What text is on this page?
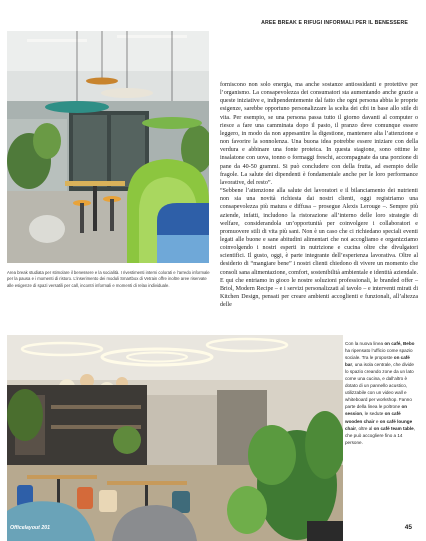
AREE BREAK E RIFUGI INFORMALI PER IL BENESSERE
Area break studiata per stimolare il benessere e la socialità. I rivestimenti interni colorati e l’arredo informale per la pausa e i momenti di ristoro. L’inserimento dei moduli Smartbox di Vetrain offre inoltre aree riservate alle esigenze di spazi versatili per call, incontri informali e momenti di relax individuale.

forniscono non solo energia, ma anche sostanze antiossidanti e protettive per l’organismo. La consapevolezza dei consumatori sta aumentando anche grazie a queste iniziative e, indipendentemente dal fatto che ogni persona abbia le proprie esigenze, sarebbe opportuno personalizzare la scelta dei cibi in base allo stile di vita. Per esempio, se una persona passa tutto il giorno davanti al computer o riesce a fare una camminata dopo il pasto, il pranzo deve comunque essere leggero, in modo da non appesantire la digestione, mantenere alta l’attenzione e non favorire la sonnolenza. Una buona idea potrebbe essere iniziare con della verdura e abbinare una fonte proteica. In questa stagione, sono ottime le insalatone con uova, tonno o formaggi freschi, accompagnate da una porzione di pane da 40-50 grammi. Si può concludere con della frutta, ad esempio delle fragole. La salute dei dipendenti è fondamentale anche per le loro performance lavorative, del resto”.

“Sebbene l’attenzione alla salute dei lavoratori e il bilanciamento dei nutrienti non sia una novità richiesta dai nostri clienti, oggi registriamo una consapevolezza più matura e diffusa – prosegue Alexis Lerouge –. Sempre più aziende, infatti, includono la ristorazione all’interno delle loro strategie di welfare, considerandola un’opportunità per coinvolgere i collaboratori e promuovere stili di vita più sani. Non è un caso che ci richiedano speciali eventi legati alle buone e sane abitudini alimentari che noi accogliamo e organizziamo coinvolgendo i nostri esperti in nutrizione e cucina oltre che divulgatori scientifici. Il gusto, oggi, è parte integrante dell’esperienza lavorativa. Oltre al desiderio di “mangiare bene” i nostri clienti chiedono di vivere un momento che consoli sana alimentazione, comfort, sostenibilità ambientale e identità aziendale. E qui che entriamo in gioco le nostre soluzioni professionali, le branded offer – Briol, Modern Recipe – e i servizi personalizzati al tavolo – e interventi mirati di Kitchen Design, pensati per creare ambienti accoglienti e funzionali, all’altezza delle

Con la nuova linea on café, Bebo ha ripensato l’ufficio come spazio sociale. Tra le proposte on café bar, una isola centrale, che divide lo spazio creando zone da un lato come una cucina, e dall’altro è dotato di un pannello acustico, utilizzabile con un video wall e whiteboard per workshop. Fanno parte della linea le poltrone on session, le sedute on café wooden chair e on café lounge chair, oltre al on café team table, che può accogliere fino a 14 persone.
Officelayout 201	45
